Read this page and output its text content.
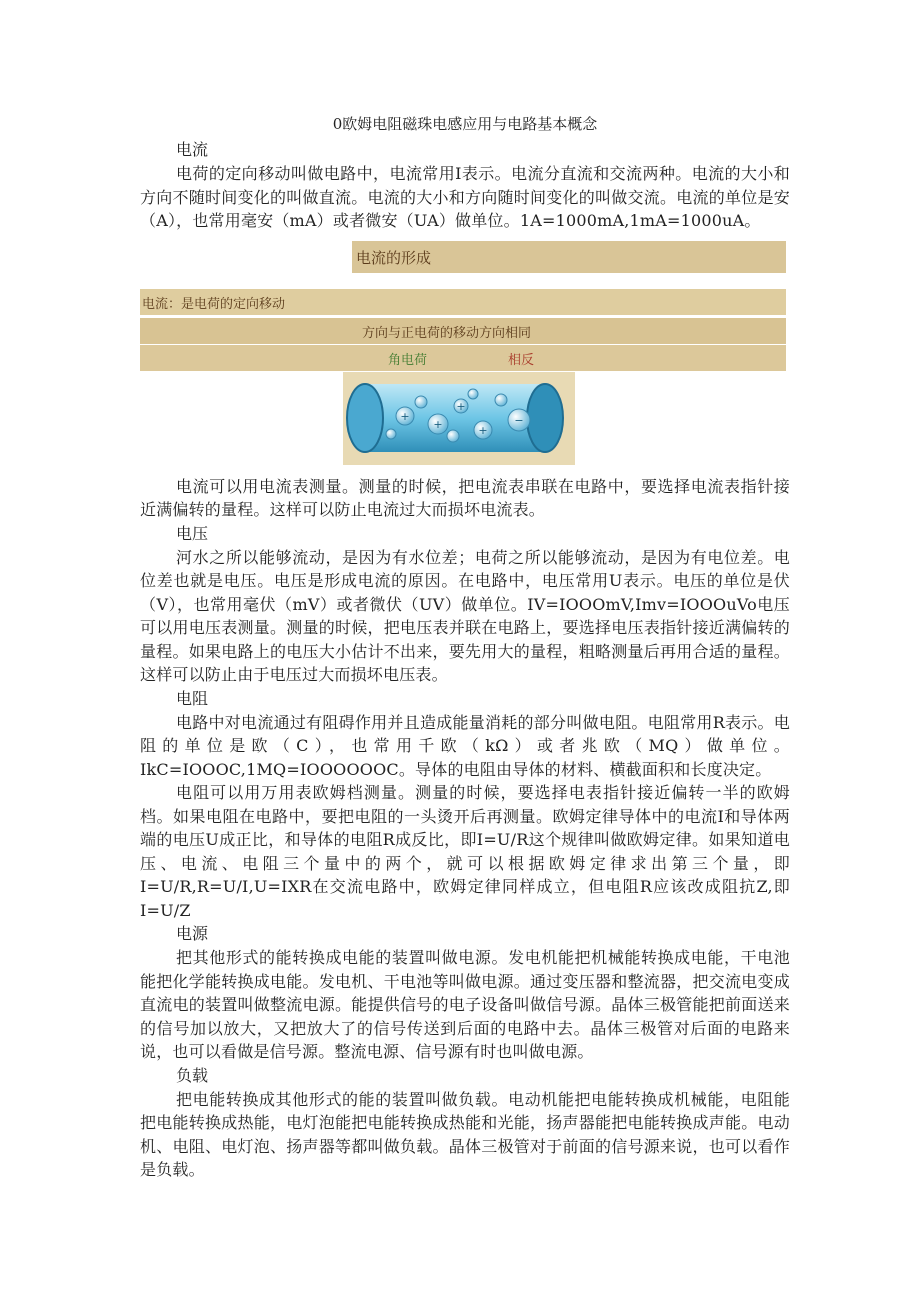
0欧姆电阻磁珠电感应用与电路基本概念
电流
电荷的定向移动叫做电路中，电流常用I表示。电流分直流和交流两种。电流的大小和方向不随时间变化的叫做直流。电流的大小和方向随时间变化的叫做交流。电流的单位是安（A），也常用毫安（mA）或者微安（UA）做单位。1A=1000mA,1mA=1000uA。
电流的形成
电流：是电荷的定向移动
方向与正电荷的移动方向相同
角电荷	相反
+
+	+
−
+
电流可以用电流表测量。测量的时候，把电流表串联在电路中，要选择电流表指针接近满偏转的量程。这样可以防止电流过大而损坏电流表。
电压
河水之所以能够流动，是因为有水位差；电荷之所以能够流动，是因为有电位差。电位差也就是电压。电压是形成电流的原因。在电路中，电压常用U表示。电压的单位是伏（V），也常用毫伏（mV）或者微伏（UV）做单位。IV=IOOOmV,Imv=IOOOuVo电压可以用电压表测量。测量的时候，把电压表并联在电路上，要选择电压表指针接近满偏转的量程。如果电路上的电压大小估计不出来，要先用大的量程，粗略测量后再用合适的量程。这样可以防止由于电压过大而损坏电压表。
电阻
电路中对电流通过有阻碍作用并且造成能量消耗的部分叫做电阻。电阻常用R表示。电阻的单位是欧（C），也常用千欧（kΩ）或者兆欧（MQ）做单位。IkC=IOOOC,1MQ=IOOOOOOC。导体的电阻由导体的材料、横截面积和长度决定。
电阻可以用万用表欧姆档测量。测量的时候，要选择电表指针接近偏转一半的欧姆档。如果电阻在电路中，要把电阻的一头烫开后再测量。欧姆定律导体中的电流I和导体两端的电压U成正比，和导体的电阻R成反比，即I=U/R这个规律叫做欧姆定律。如果知道电压、电流、电阻三个量中的两个，就可以根据欧姆定律求出第三个量，即I=U/R,R=U/I,U=IXR在交流电路中，欧姆定律同样成立，但电阻R应该改成阻抗Z,即I=U/Z
电源
把其他形式的能转换成电能的装置叫做电源。发电机能把机械能转换成电能，干电池能把化学能转换成电能。发电机、干电池等叫做电源。通过变压器和整流器，把交流电变成直流电的装置叫做整流电源。能提供信号的电子设备叫做信号源。晶体三极管能把前面送来的信号加以放大，又把放大了的信号传送到后面的电路中去。晶体三极管对后面的电路来说，也可以看做是信号源。整流电源、信号源有时也叫做电源。
负载
把电能转换成其他形式的能的装置叫做负载。电动机能把电能转换成机械能，电阻能把电能转换成热能，电灯泡能把电能转换成热能和光能，扬声器能把电能转换成声能。电动机、电阻、电灯泡、扬声器等都叫做负载。晶体三极管对于前面的信号源来说，也可以看作是负载。
